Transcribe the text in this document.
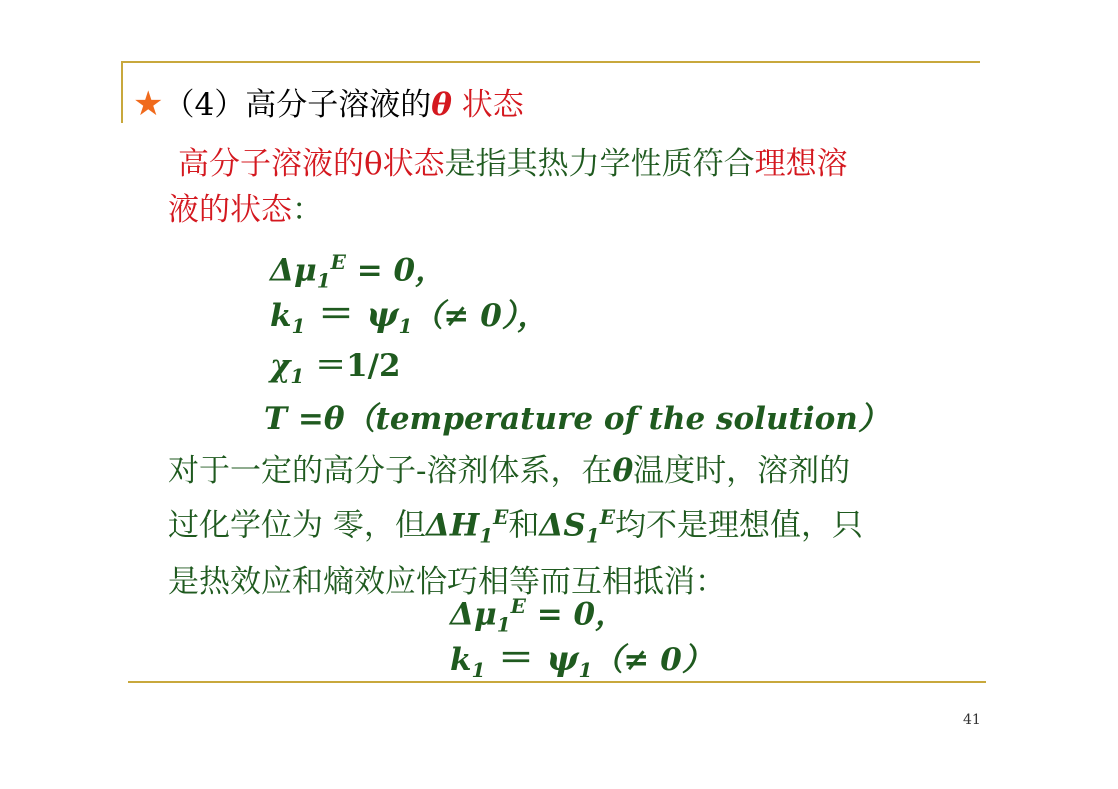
★（4）高分子溶液的θ 状态
高分子溶液的θ状态是指其热力学性质符合理想溶
液的状态：
$\Delta\mu_1^E = 0$，
$k_1 = \psi_1(\ne 0)$，
$\chi_1 =1/2$
T =θ（temperature of the solution）
对于一定的高分子-溶剂体系，在θ温度时，溶剂的
过化学位为 零，但$\Delta H_1^E$和$\Delta S_1^E$均不是理想值，只
是热效应和熵效应恰巧相等而互相抵消：
$\Delta\mu_1^E = 0$，
$k_1 = \psi_1(\ne 0)$
41
